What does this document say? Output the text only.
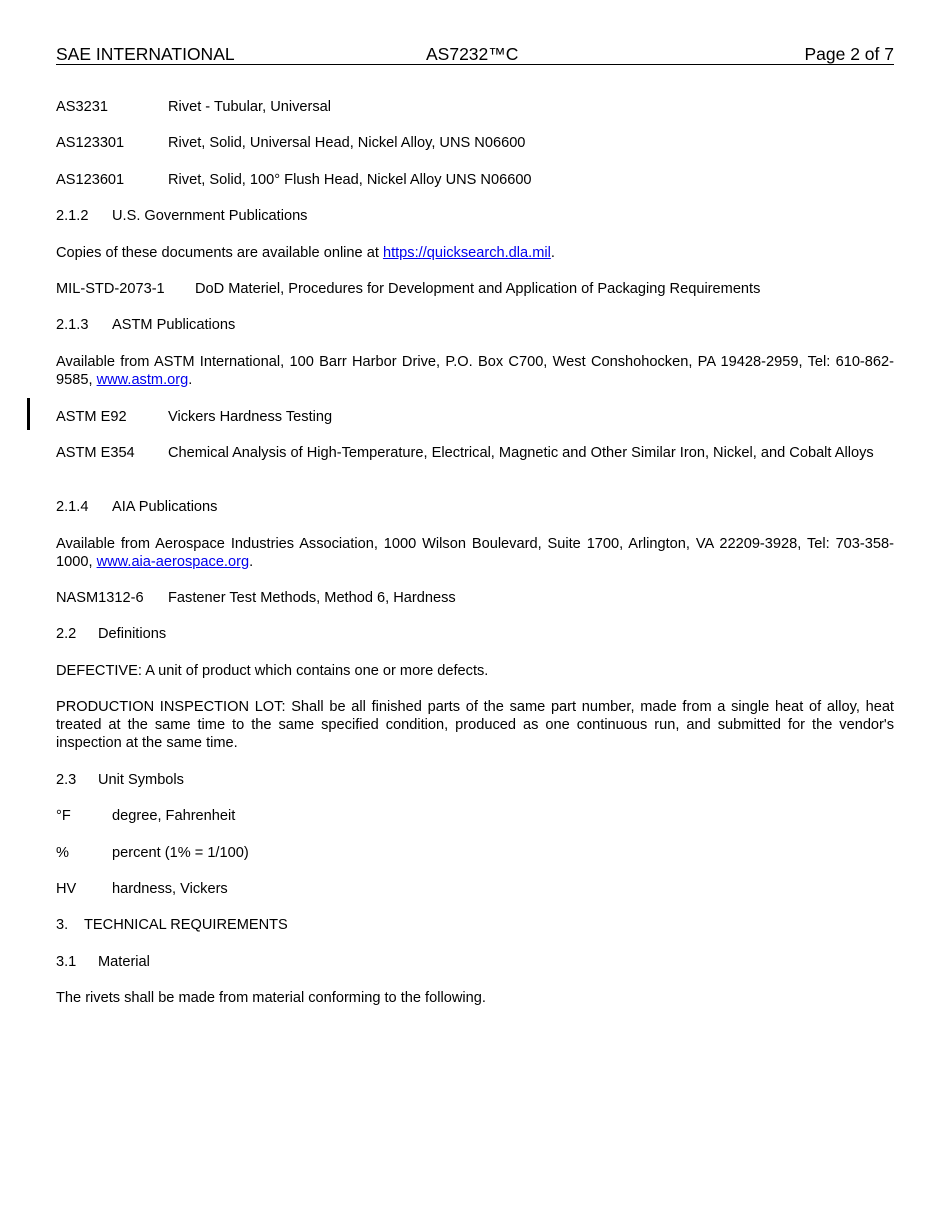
SAE INTERNATIONAL	AS7232™C	Page 2 of 7
AS3231	Rivet - Tubular, Universal
AS123301	Rivet, Solid, Universal Head, Nickel Alloy, UNS N06600
AS123601	Rivet, Solid, 100° Flush Head, Nickel Alloy UNS N06600
2.1.2 U.S. Government Publications
Copies of these documents are available online at https://quicksearch.dla.mil.
MIL-STD-2073-1 DoD Materiel, Procedures for Development and Application of Packaging Requirements
2.1.3 ASTM Publications
Available from ASTM International, 100 Barr Harbor Drive, P.O. Box C700, West Conshohocken, PA 19428-2959, Tel: 610-862-9585, www.astm.org.
ASTM E92	Vickers Hardness Testing
ASTM E354 Chemical Analysis of High-Temperature, Electrical, Magnetic and Other Similar Iron, Nickel, and Cobalt Alloys
2.1.4 AIA Publications
Available from Aerospace Industries Association, 1000 Wilson Boulevard, Suite 1700, Arlington, VA 22209-3928, Tel: 703-358-1000, www.aia-aerospace.org.
NASM1312-6 Fastener Test Methods, Method 6, Hardness
2.2 Definitions
DEFECTIVE: A unit of product which contains one or more defects.
PRODUCTION INSPECTION LOT: Shall be all finished parts of the same part number, made from a single heat of alloy, heat treated at the same time to the same specified condition, produced as one continuous run, and submitted for the vendor's inspection at the same time.
2.3 Unit Symbols
°F	degree, Fahrenheit
%	percent (1% = 1/100)
HV hardness, Vickers
3. TECHNICAL REQUIREMENTS
3.1 Material
The rivets shall be made from material conforming to the following.
